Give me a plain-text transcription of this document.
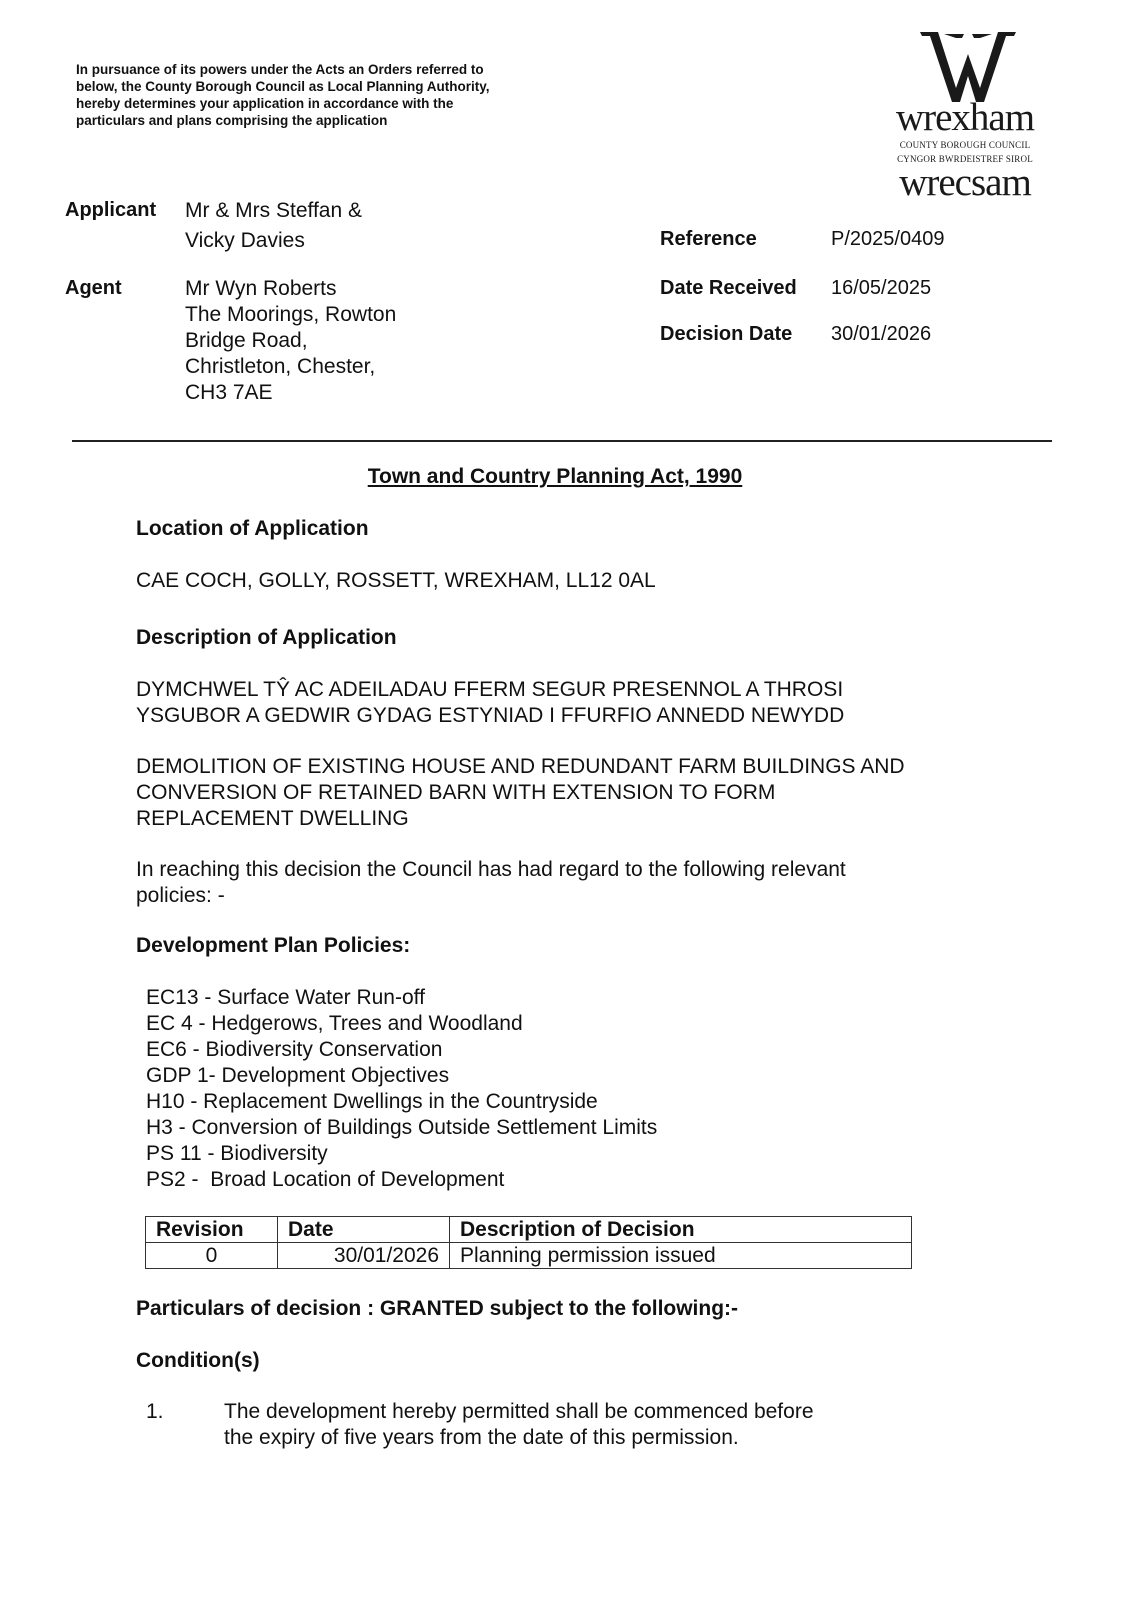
In pursuance of its powers under the Acts an Orders referred to below, the County Borough Council as Local Planning Authority, hereby determines your application in accordance with the particulars and plans comprising the application	wrexham
COUNTY BOROUGH COUNCIL
CYNGOR BWRDEISTREF SIROL
wrecsam
Applicant Mr & Mrs Steffan &
Vicky Davies
Agent	Mr Wyn Roberts
The Moorings, Rowton
Bridge Road,
Christleton, Chester,
CH3 7AE
Reference	P/2025/0409
Date Received 16/05/2025
Decision Date 30/01/2026
Town and Country Planning Act, 1990
Location of Application
CAE COCH, GOLLY, ROSSETT, WREXHAM, LL12 0AL
Description of Application
DYMCHWEL TŶ AC ADEILADAU FFERM SEGUR PRESENNOL A THROSI
YSGUBOR A GEDWIR GYDAG ESTYNIAD I FFURFIO ANNEDD NEWYDD
DEMOLITION OF EXISTING HOUSE AND REDUNDANT FARM BUILDINGS AND
CONVERSION OF RETAINED BARN WITH EXTENSION TO FORM
REPLACEMENT DWELLING
In reaching this decision the Council has had regard to the following relevant
policies: -
Development Plan Policies:
EC13 - Surface Water Run-off
EC 4 - Hedgerows, Trees and Woodland
EC6 - Biodiversity Conservation
GDP 1- Development Objectives
H10 - Replacement Dwellings in the Countryside
H3 - Conversion of Buildings Outside Settlement Limits
PS 11 - Biodiversity
PS2 -  Broad Location of Development
Revision	Date	Description of Decision
0	30/01/2026	Planning permission issued
Particulars of decision : GRANTED subject to the following:-
Condition(s)
1.	The development hereby permitted shall be commenced before
the expiry of five years from the date of this permission.
